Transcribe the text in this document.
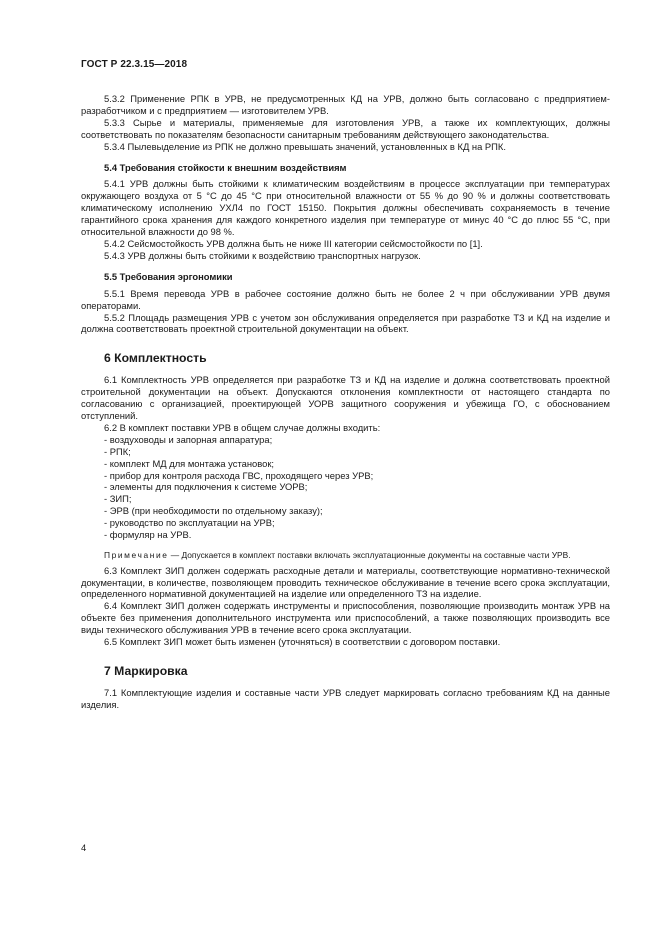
ГОСТ Р 22.3.15—2018

5.3.2 Применение РПК в УРВ, не предусмотренных КД на УРВ, должно быть согласовано с предприятием-разработчиком и с предприятием — изготовителем УРВ.

5.3.3 Сырье и материалы, применяемые для изготовления УРВ, а также их комплектующих, должны соответствовать по показателям безопасности санитарным требованиям действующего законодательства.

5.3.4 Пылевыделение из РПК не должно превышать значений, установленных в КД на РПК.

5.4 Требования стойкости к внешним воздействиям

5.4.1 УРВ должны быть стойкими к климатическим воздействиям в процессе эксплуатации при температурах окружающего воздуха от 5 °С до 45 °С при относительной влажности от 55 % до 90 % и должны соответствовать климатическому исполнению УХЛ4 по ГОСТ 15150. Покрытия должны обеспечивать сохраняемость в течение гарантийного срока хранения для каждого конкретного изделия при температуре от минус 40 °С до плюс 55 °С, при относительной влажности до 98 %.

5.4.2 Сейсмостойкость УРВ должна быть не ниже III категории сейсмостойкости по [1].

5.4.3 УРВ должны быть стойкими к воздействию транспортных нагрузок.

5.5 Требования эргономики

5.5.1 Время перевода УРВ в рабочее состояние должно быть не более 2 ч при обслуживании УРВ двумя операторами.

5.5.2 Площадь размещения УРВ с учетом зон обслуживания определяется при разработке ТЗ и КД на изделие и должна соответствовать проектной строительной документации на объект.

6 Комплектность

6.1 Комплектность УРВ определяется при разработке ТЗ и КД на изделие и должна соответствовать проектной строительной документации на объект. Допускаются отклонения комплектности от настоящего стандарта по согласованию с организацией, проектирующей УОРВ защитного сооружения и убежища ГО, с обоснованием отступлений.

6.2 В комплект поставки УРВ в общем случае должны входить:

- воздуховоды и запорная аппаратура;

- РПК;

- комплект МД для монтажа установок;

- прибор для контроля расхода ГВС, проходящего через УРВ;

- элементы для подключения к системе УОРВ;

- ЗИП;

- ЭРВ (при необходимости по отдельному заказу);

- руководство по эксплуатации на УРВ;

- формуляр на УРВ.

Примечание — Допускается в комплект поставки включать эксплуатационные документы на составные части УРВ.

6.3 Комплект ЗИП должен содержать расходные детали и материалы, соответствующие нормативно-технической документации, в количестве, позволяющем проводить техническое обслуживание в течение всего срока эксплуатации, определенного нормативной документацией на изделие или определенного ТЗ на изделие.

6.4 Комплект ЗИП должен содержать инструменты и приспособления, позволяющие производить монтаж УРВ на объекте без применения дополнительного инструмента или приспособлений, а также позволяющих производить все виды технического обслуживания УРВ в течение всего срока эксплуатации.

6.5 Комплект ЗИП может быть изменен (уточняться) в соответствии с договором поставки.

7 Маркировка

7.1 Комплектующие изделия и составные части УРВ следует маркировать согласно требованиям КД на данные изделия.

4
